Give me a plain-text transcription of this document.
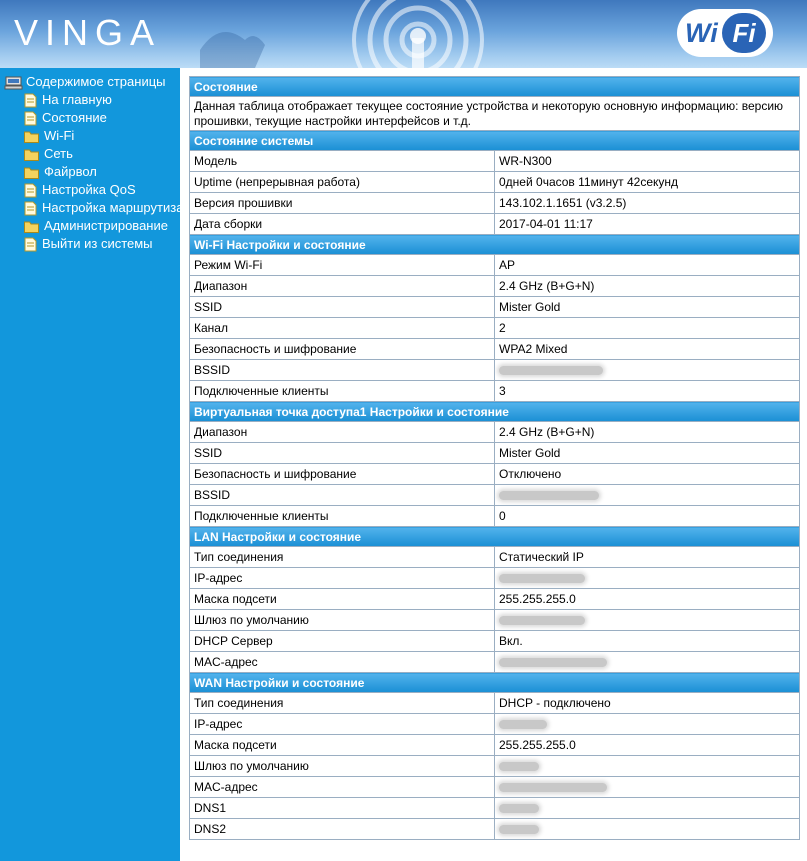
VINGA	Wi Fi
Содержимое страницы
На главную
Состояние
Wi-Fi
Сеть
Файрвол
Настройка QoS
Настройка маршрутизации
Администрирование
Выйти из системы
Состояние	
Данная таблица отображает текущее состояние устройства и некоторую основную информацию: версию прошивки, текущие настройки интерфейсов и т.д.	
Состояние системы	
Модель	WR-N300
Uptime (непрерывная работа)	0дней 0часов 11минут 42секунд
Версия прошивки	143.102.1.1651 (v3.2.5)
Дата сборки	2017-04-01 11:17
Wi-Fi Настройки и состояние	
Режим Wi-Fi	AP
Диапазон	2.4 GHz (B+G+N)
SSID	Mister Gold
Канал	2
Безопасность и шифрование	WPA2 Mixed
BSSID	
Подключенные клиенты	3
Виртуальная точка доступа1 Настройки и состояние	
Диапазон	2.4 GHz (B+G+N)
SSID	Mister Gold
Безопасность и шифрование	Отключено
BSSID	
Подключенные клиенты	0
LAN Настройки и состояние	
Тип соединения	Статический IP
IP-адрес	
Маска подсети	255.255.255.0
Шлюз по умолчанию	
DHCP Сервер	Вкл.
MAC-адрес	
WAN Настройки и состояние	
Тип соединения	DHCP - подключено
IP-адрес	
Маска подсети	255.255.255.0
Шлюз по умолчанию	
MAC-адрес	
DNS1	
DNS2	
